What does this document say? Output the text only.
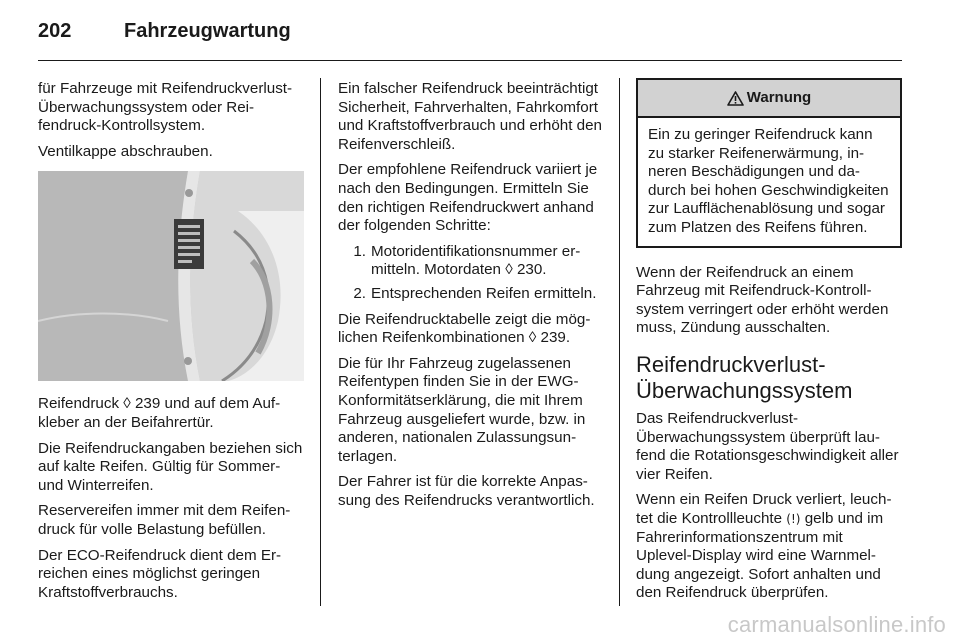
202	Fahrzeugwartung

für Fahrzeuge mit Reifendruckverlust-Überwachungssystem oder Reifendruck-Kontrollsystem.

Ventilkappe abschrauben.

Reifendruck ◊ 239 und auf dem Aufkleber an der Beifahrertür.

Die Reifendruckangaben beziehen sich auf kalte Reifen. Gültig für Sommer- und Winterreifen.

Reservereifen immer mit dem Reifendruck für volle Belastung befüllen.

Der ECO-Reifendruck dient dem Erreichen eines möglichst geringen Kraftstoffverbrauchs.

Ein falscher Reifendruck beeinträchtigt Sicherheit, Fahrverhalten, Fahrkomfort und Kraftstoffverbrauch und erhöht den Reifenverschleiß.

Der empfohlene Reifendruck variiert je nach den Bedingungen. Ermitteln Sie den richtigen Reifendruckwert anhand der folgenden Schritte:

1. Motoridentifikationsnummer ermitteln. Motordaten ◊ 230.
2. Entsprechenden Reifen ermitteln.

Die Reifendrucktabelle zeigt die möglichen Reifenkombinationen ◊ 239.

Die für Ihr Fahrzeug zugelassenen Reifentypen finden Sie in der EWG-Konformitätserklärung, die mit Ihrem Fahrzeug ausgeliefert wurde, bzw. in anderen, nationalen Zulassungsunterlagen.

Der Fahrer ist für die korrekte Anpassung des Reifendrucks verantwortlich.

Warnung
Ein zu geringer Reifendruck kann zu starker Reifenerwärmung, inneren Beschädigungen und dadurch bei hohen Geschwindigkeiten zur Laufflächenablösung und sogar zum Platzen des Reifens führen.

Wenn der Reifendruck an einem Fahrzeug mit Reifendruck-Kontrollsystem verringert oder erhöht werden muss, Zündung ausschalten.

Reifendruckverlust-Überwachungssystem

Das Reifendruckverlust-Überwachungssystem überprüft laufend die Rotationsgeschwindigkeit aller vier Reifen.

Wenn ein Reifen Druck verliert, leuchtet die Kontrollleuchte (!) gelb und im Fahrerinformationszentrum mit Uplevel-Display wird eine Warnmeldung angezeigt. Sofort anhalten und den Reifendruck überprüfen.

carmanualsonline.info
